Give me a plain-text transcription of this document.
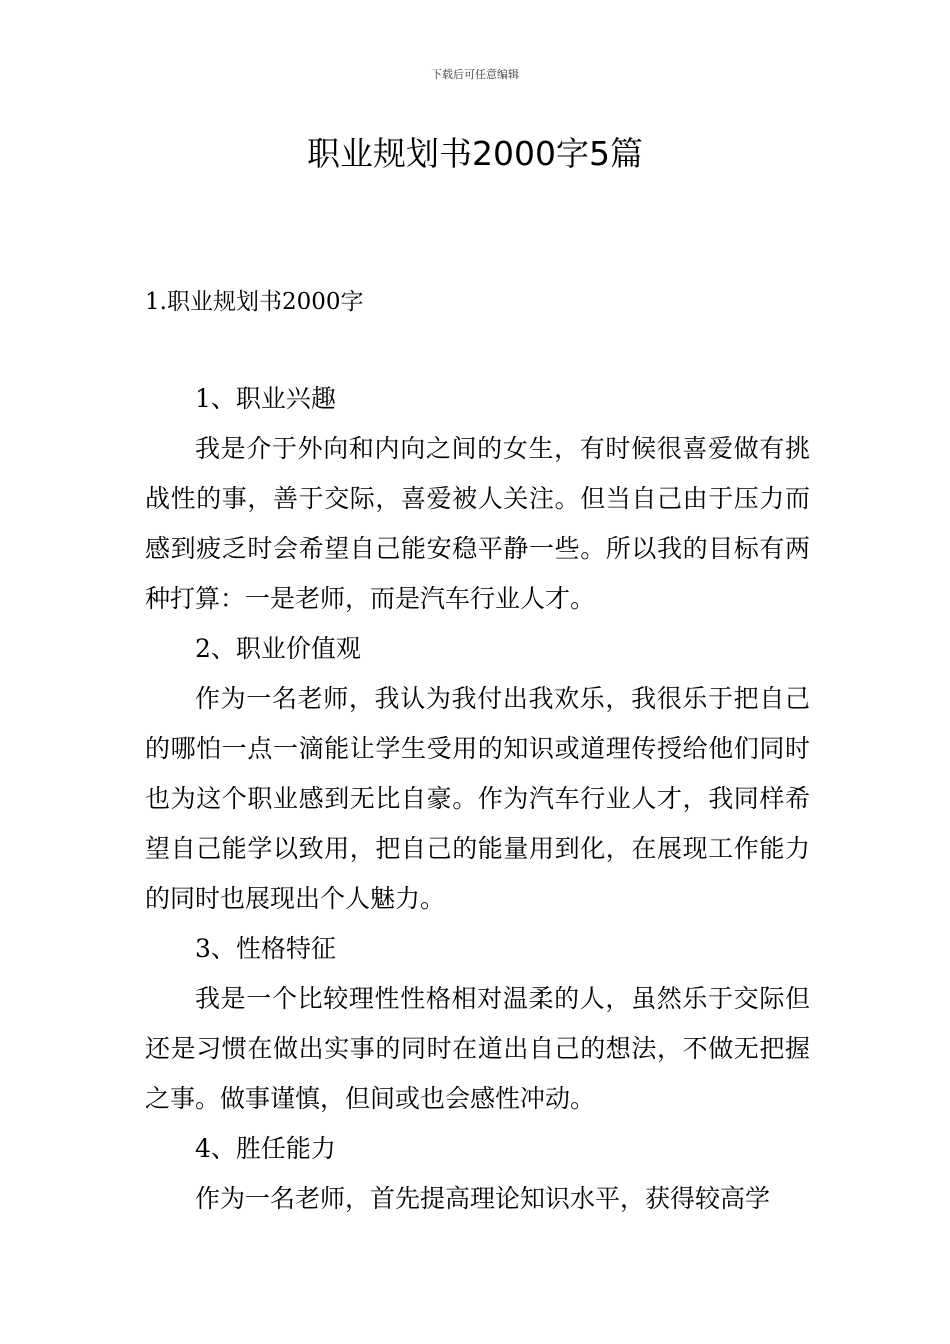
下载后可任意编辑
职业规划书2000字5篇
1.职业规划书2000字
1、职业兴趣

我是介于外向和内向之间的女生，有时候很喜爱做有挑战性的事，善于交际，喜爱被人关注。但当自己由于压力而感到疲乏时会希望自己能安稳平静一些。所以我的目标有两种打算：一是老师，而是汽车行业人才。

2、职业价值观

作为一名老师，我认为我付出我欢乐，我很乐于把自己的哪怕一点一滴能让学生受用的知识或道理传授给他们同时也为这个职业感到无比自豪。作为汽车行业人才，我同样希望自己能学以致用，把自己的能量用到化，在展现工作能力的同时也展现出个人魅力。

3、性格特征

我是一个比较理性性格相对温柔的人，虽然乐于交际但还是习惯在做出实事的同时在道出自己的想法，不做无把握之事。做事谨慎，但间或也会感性冲动。

4、胜任能力

作为一名老师，首先提高理论知识水平，获得较高学
